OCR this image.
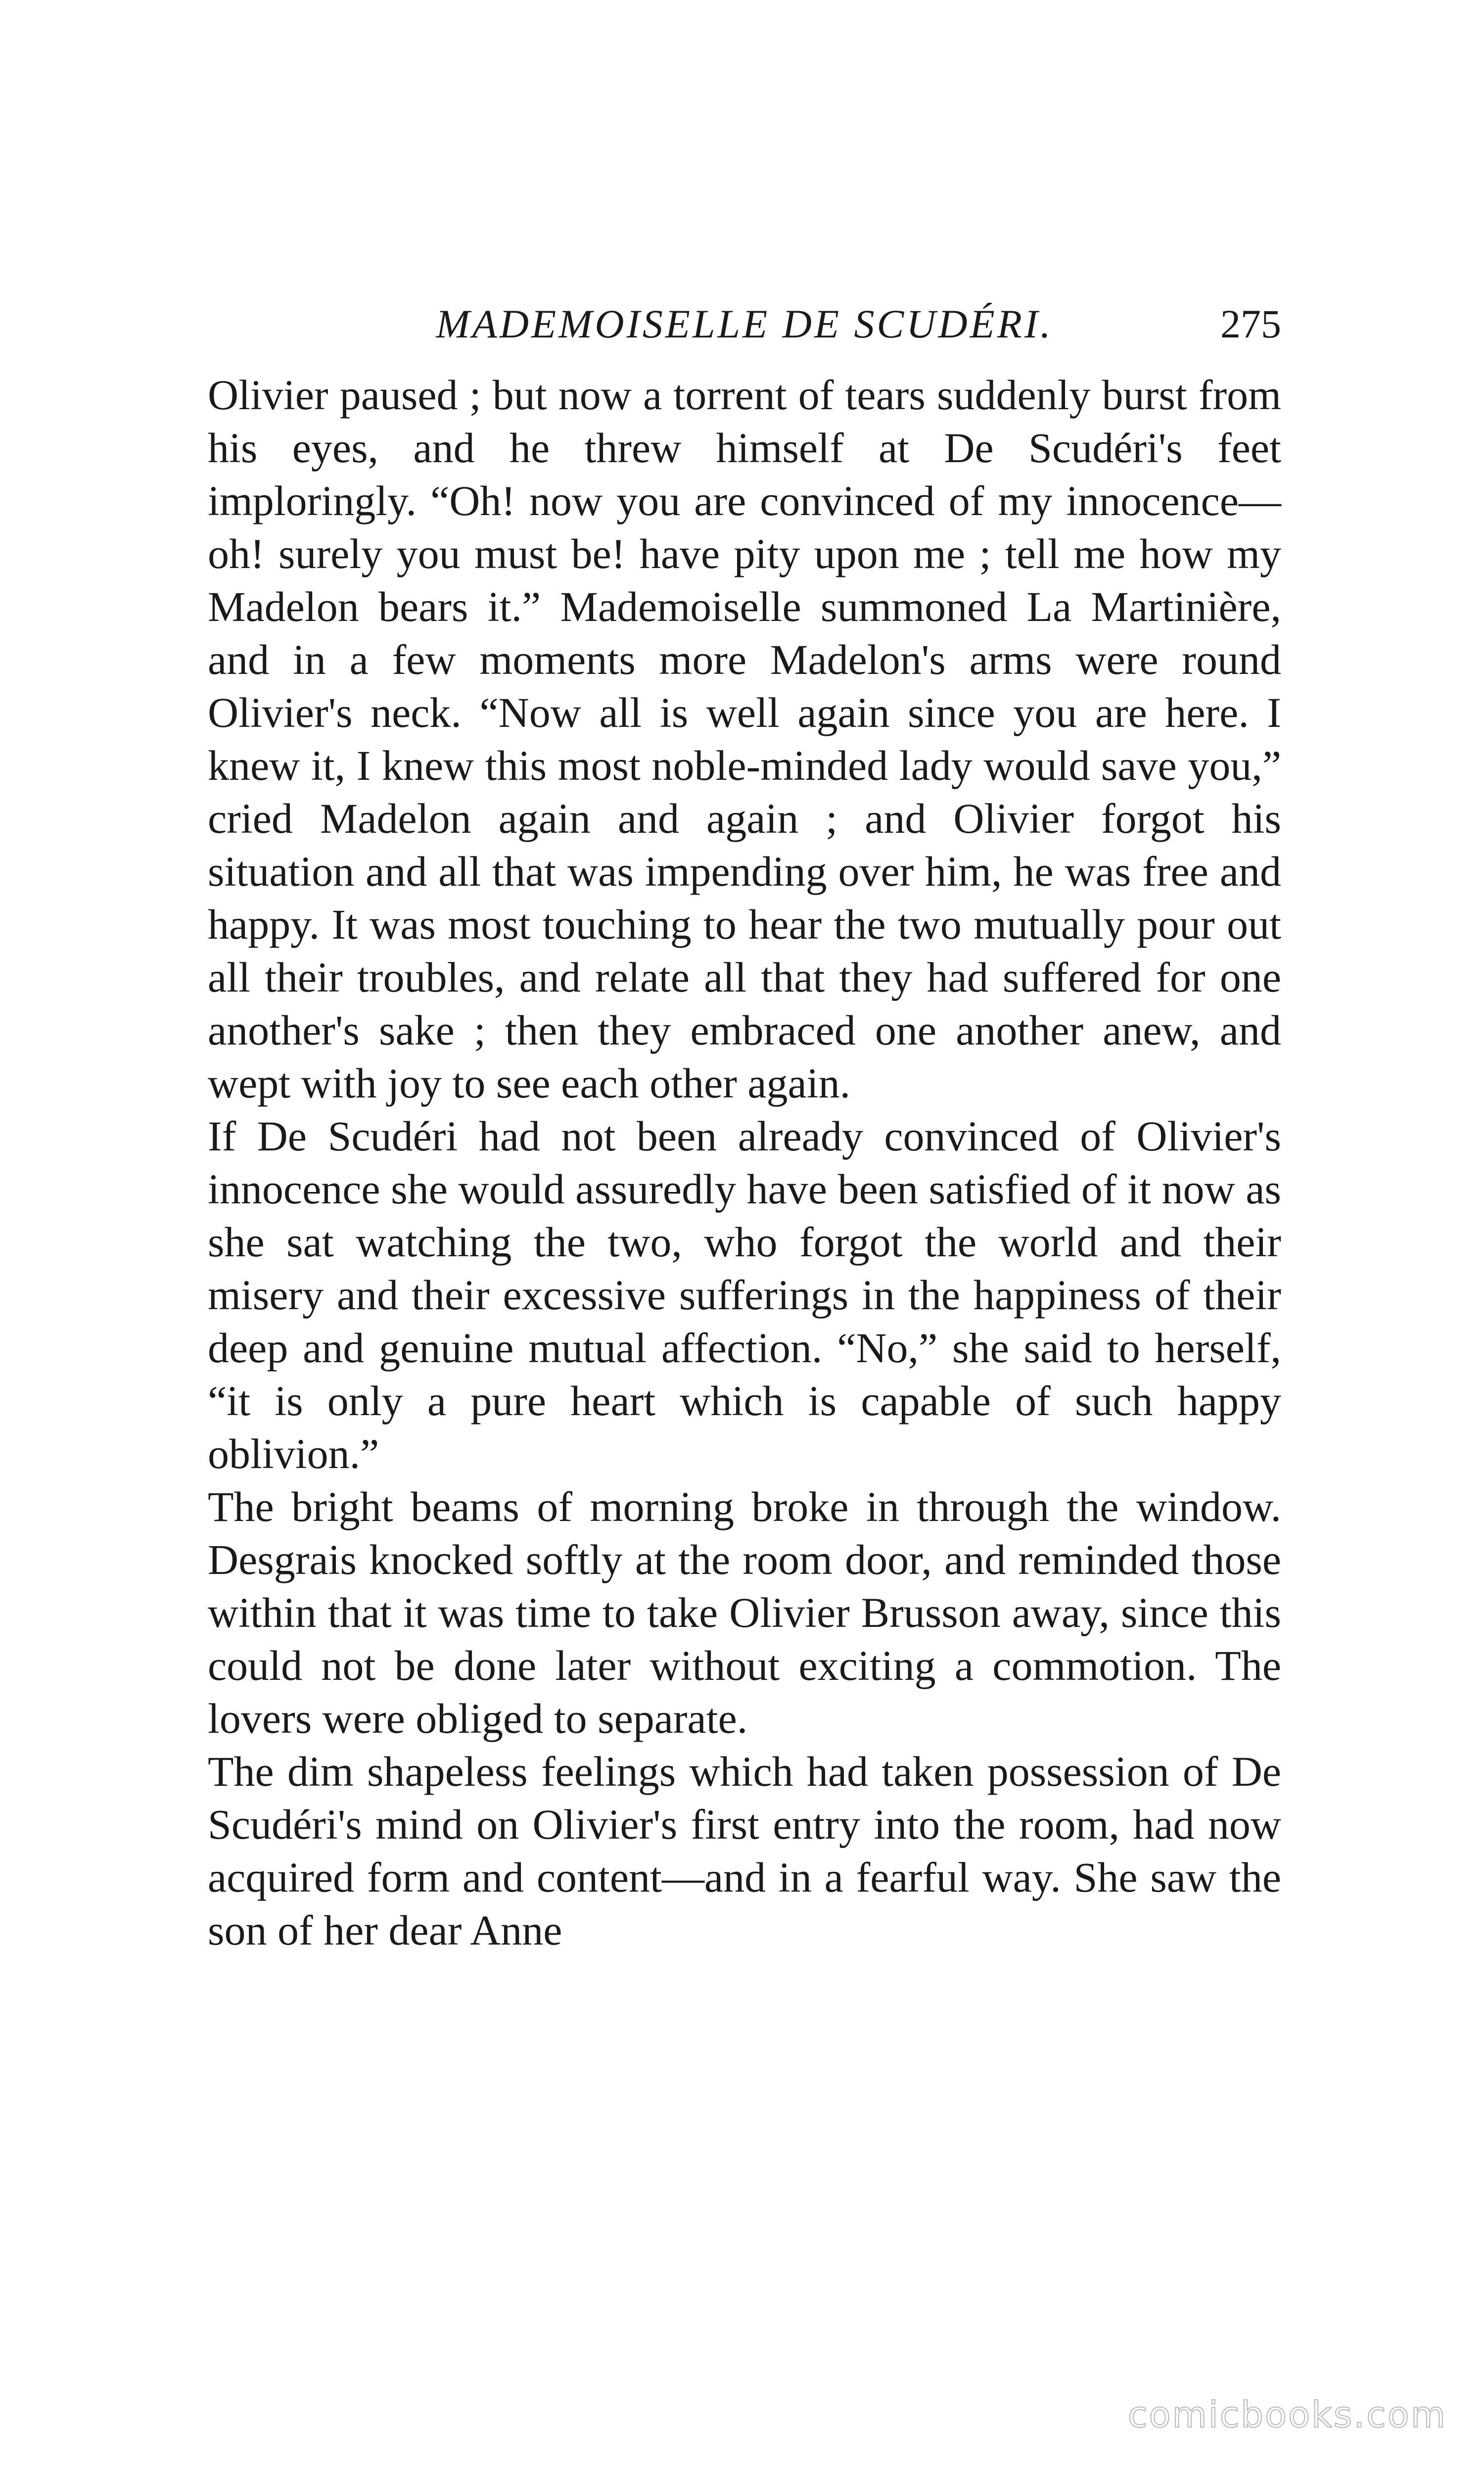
MADEMOISELLE DE SCUDÉRI.	275

Olivier paused ; but now a torrent of tears suddenly burst from his eyes, and he threw himself at De Scudéri's feet imploringly. “Oh! now you are convinced of my innocence—oh! surely you must be! have pity upon me ; tell me how my Madelon bears it.” Mademoiselle summoned La Martinière, and in a few moments more Madelon's arms were round Olivier's neck. “Now all is well again since you are here. I knew it, I knew this most noble-minded lady would save you,” cried Madelon again and again ; and Olivier forgot his situation and all that was impending over him, he was free and happy. It was most touching to hear the two mutually pour out all their troubles, and relate all that they had suffered for one another's sake ; then they embraced one another anew, and wept with joy to see each other again.

If De Scudéri had not been already convinced of Olivier's innocence she would assuredly have been satisfied of it now as she sat watching the two, who forgot the world and their misery and their excessive sufferings in the happiness of their deep and genuine mutual affection. “No,” she said to herself, “it is only a pure heart which is capable of such happy oblivion.”

The bright beams of morning broke in through the window. Desgrais knocked softly at the room door, and reminded those within that it was time to take Olivier Brusson away, since this could not be done later without exciting a commotion. The lovers were obliged to separate.

The dim shapeless feelings which had taken possession of De Scudéri's mind on Olivier's first entry into the room, had now acquired form and content—and in a fearful way. She saw the son of her dear Anne

comicbooks.com
